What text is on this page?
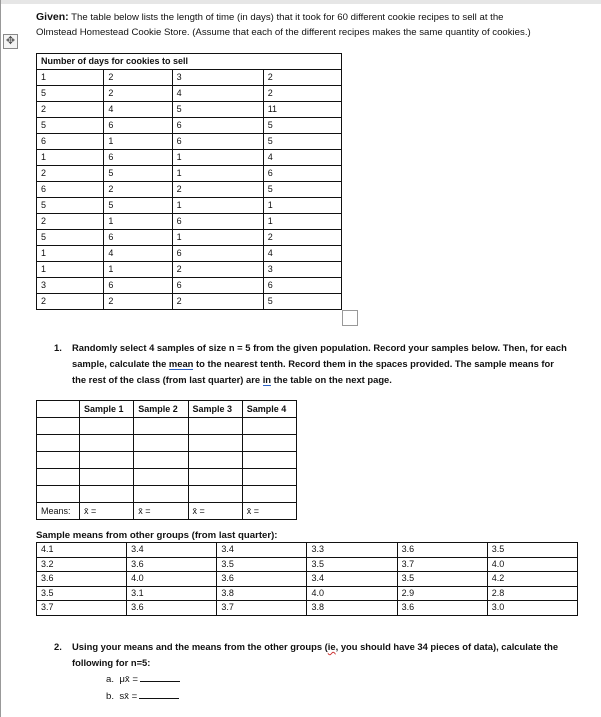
Given: The table below lists the length of time (in days) that it took for 60 different cookie recipes to sell at the
Olmstead Homestead Cookie Store. (Assume that each of the different recipes makes the same quantity of cookies.)
✥
Number of days for cookies to sell			
1	2	3	2
5	2	4	2
2	4	5	11
5	6	6	5
6	1	6	5
1	6	1	4
2	5	1	6
6	2	2	5
5	5	1	1
2	1	6	1
5	6	1	2
1	4	6	4
1	1	2	3
3	6	6	6
2	2	2	5
1. Randomly select 4 samples of size n = 5 from the given population. Record your samples below. Then, for each
sample, calculate the mean to the nearest tenth. Record them in the spaces provided. The sample means for
the rest of the class (from last quarter) are in the table on the next page.
	Sample 1	Sample 2	Sample 3	Sample 4

Means:	x̄ =	x̄ =	x̄ =	x̄ =
Sample means from other groups (from last quarter):
4.1	3.4	3.4	3.3	3.6	3.5
3.2	3.6	3.5	3.5	3.7	4.0
3.6	4.0	3.6	3.4	3.5	4.2
3.5	3.1	3.8	4.0	2.9	2.8
3.7	3.6	3.7	3.8	3.6	3.0
2. Using your means and the means from the other groups (ie, you should have 34 pieces of data), calculate the
following for n=5:
a. μx̄ =
b. sx̄ =
